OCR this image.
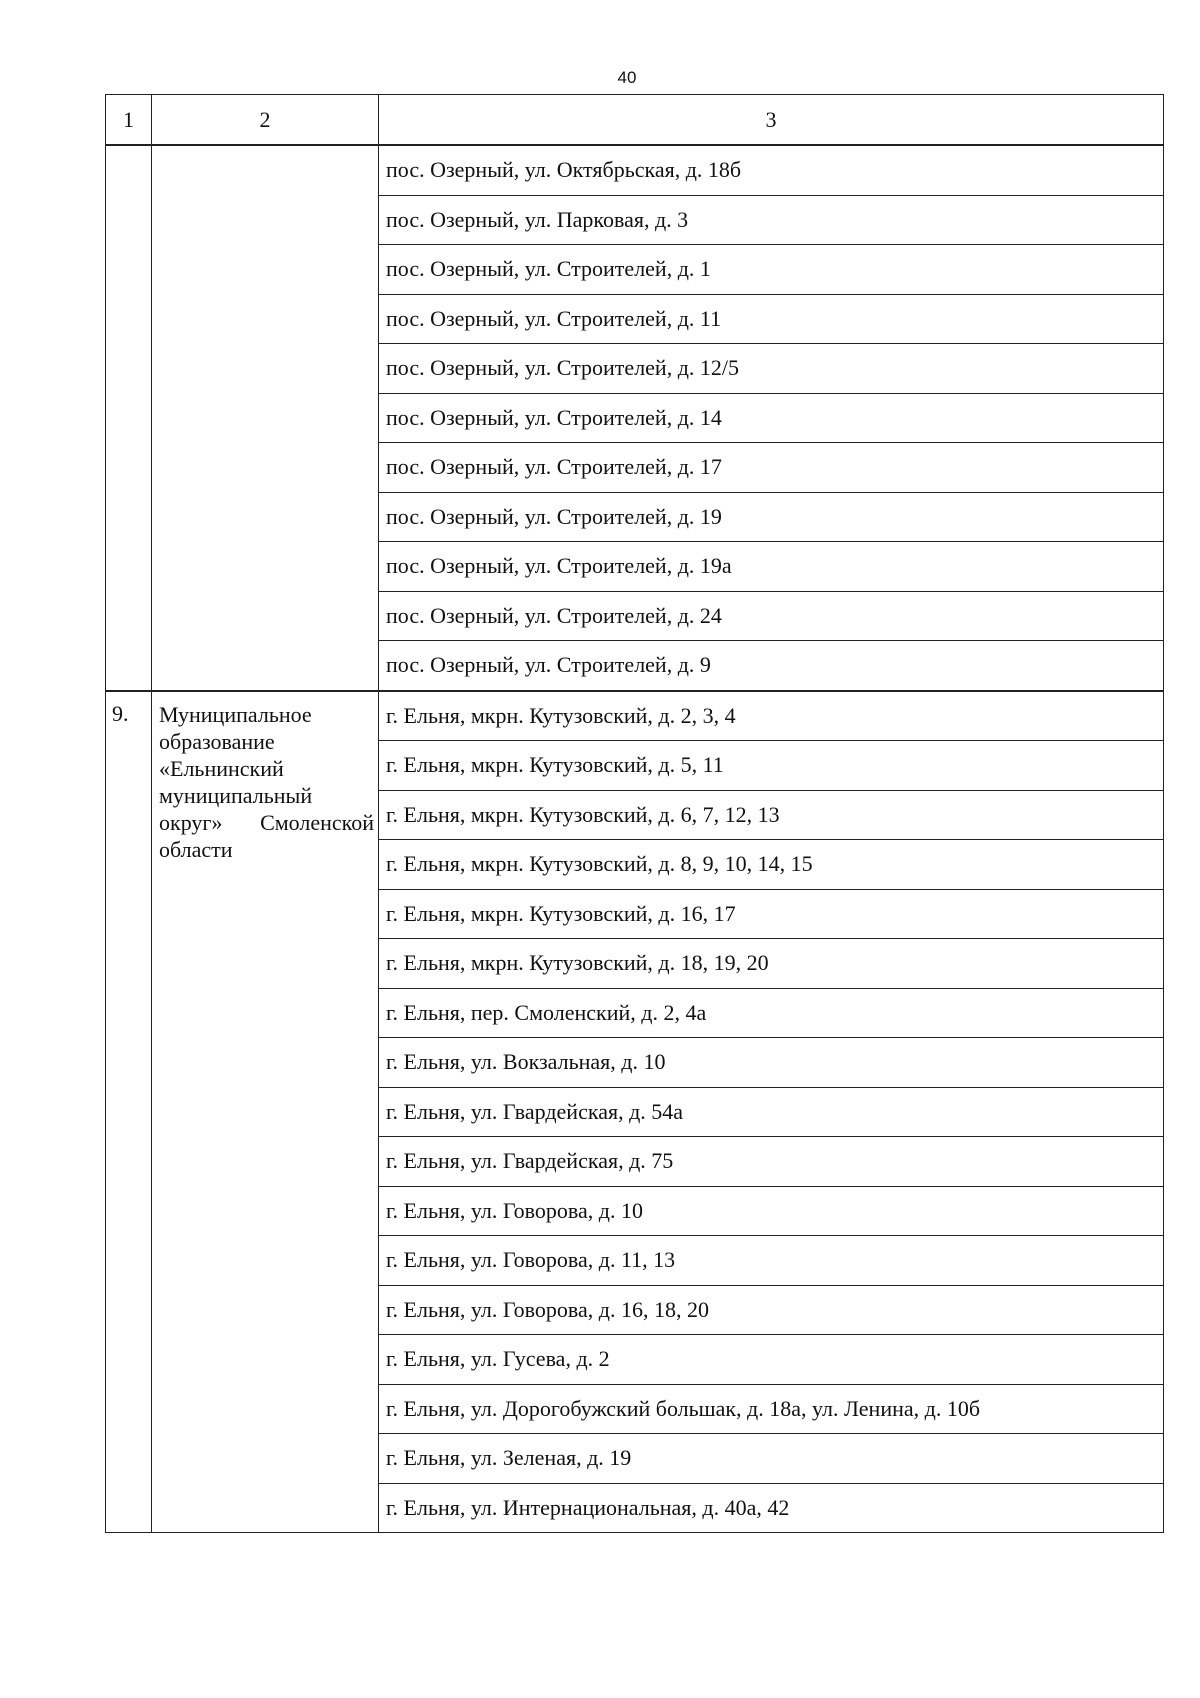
40
1	2	3
		пос. Озерный, ул. Октябрьская, д. 18б
		пос. Озерный, ул. Парковая, д. 3
		пос. Озерный, ул. Строителей, д. 1
		пос. Озерный, ул. Строителей, д. 11
		пос. Озерный, ул. Строителей, д. 12/5
		пос. Озерный, ул. Строителей, д. 14
		пос. Озерный, ул. Строителей, д. 17
		пос. Озерный, ул. Строителей, д. 19
		пос. Озерный, ул. Строителей, д. 19а
		пос. Озерный, ул. Строителей, д. 24
		пос. Озерный, ул. Строителей, д. 9
9.	Муниципальное образование «Ельнинский муниципальный округ» Смоленской области	г. Ельня, мкрн. Кутузовский, д. 2, 3, 4
		г. Ельня, мкрн. Кутузовский, д. 5, 11
		г. Ельня, мкрн. Кутузовский, д. 6, 7, 12, 13
		г. Ельня, мкрн. Кутузовский, д. 8, 9, 10, 14, 15
		г. Ельня, мкрн. Кутузовский, д. 16, 17
		г. Ельня, мкрн. Кутузовский, д. 18, 19, 20
		г. Ельня, пер. Смоленский, д. 2, 4а
		г. Ельня, ул. Вокзальная, д. 10
		г. Ельня, ул. Гвардейская, д. 54а
		г. Ельня, ул. Гвардейская, д. 75
		г. Ельня, ул. Говорова, д. 10
		г. Ельня, ул. Говорова, д. 11, 13
		г. Ельня, ул. Говорова, д. 16, 18, 20
		г. Ельня, ул. Гусева, д. 2
		г. Ельня, ул. Дорогобужский большак, д. 18а, ул. Ленина, д. 10б
		г. Ельня, ул. Зеленая, д. 19
		г. Ельня, ул. Интернациональная, д. 40а, 42
